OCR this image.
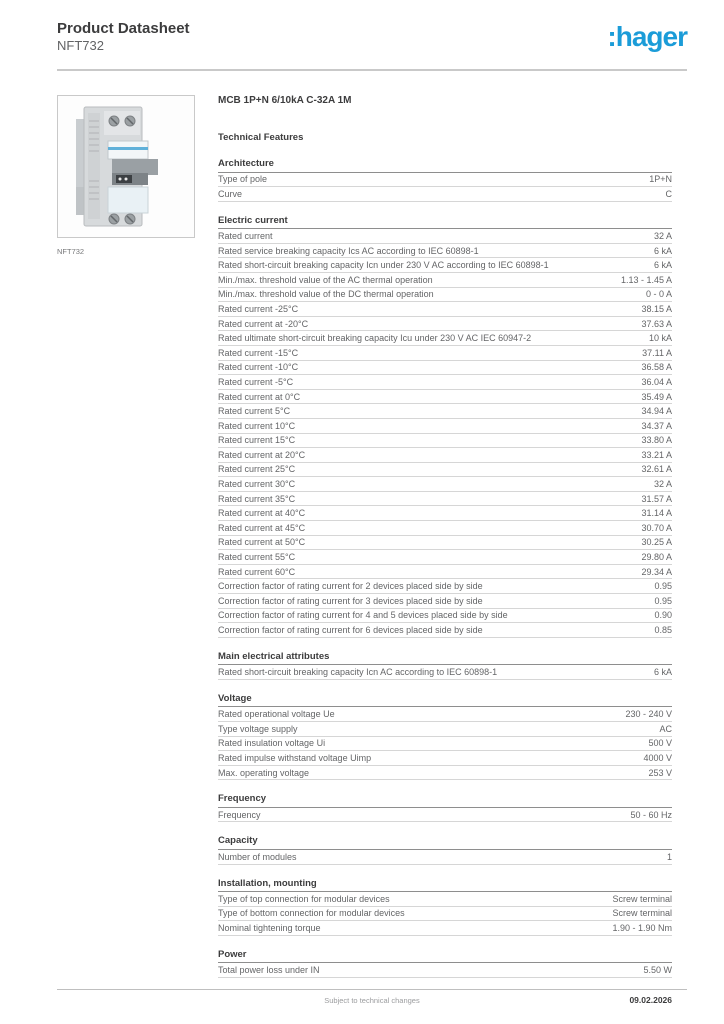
Product Datasheet
NFT732	:hager
NFT732
MCB 1P+N 6/10kA C-32A 1M
Technical Features
Architecture
Type of pole	1P+N
Curve	C
Electric current
Rated current	32 A
Rated service breaking capacity Ics AC according to IEC 60898-1	6 kA
Rated short-circuit breaking capacity Icn under 230 V AC according to IEC 60898-1	6 kA
Min./max. threshold value of the AC thermal operation	1.13 - 1.45 A
Min./max. threshold value of the DC thermal operation	0 - 0 A
Rated current -25°C	38.15 A
Rated current at -20°C	37.63 A
Rated ultimate short-circuit breaking capacity Icu under 230 V AC IEC 60947-2	10 kA
Rated current -15°C	37.11 A
Rated current -10°C	36.58 A
Rated current -5°C	36.04 A
Rated current at 0°C	35.49 A
Rated current 5°C	34.94 A
Rated current 10°C	34.37 A
Rated current 15°C	33.80 A
Rated current at 20°C	33.21 A
Rated current 25°C	32.61 A
Rated current 30°C	32 A
Rated current 35°C	31.57 A
Rated current at 40°C	31.14 A
Rated current at 45°C	30.70 A
Rated current at 50°C	30.25 A
Rated current 55°C	29.80 A
Rated current 60°C	29.34 A
Correction factor of rating current for 2 devices placed side by side	0.95
Correction factor of rating current for 3 devices placed side by side	0.95
Correction factor of rating current for 4 and 5 devices placed side by side	0.90
Correction factor of rating current for 6 devices placed side by side	0.85
Main electrical attributes
Rated short-circuit breaking capacity Icn AC according to IEC 60898-1	6 kA
Voltage
Rated operational voltage Ue	230 - 240 V
Type voltage supply	AC
Rated insulation voltage Ui	500 V
Rated impulse withstand voltage Uimp	4000 V
Max. operating voltage	253 V
Frequency
Frequency	50 - 60 Hz
Capacity
Number of modules	1
Installation, mounting
Type of top connection for modular devices	Screw terminal
Type of bottom connection for modular devices	Screw terminal
Nominal tightening torque	1.90 - 1.90 Nm
Power
Total power loss under IN	5.50 W
Subject to technical changes	09.02.2026
